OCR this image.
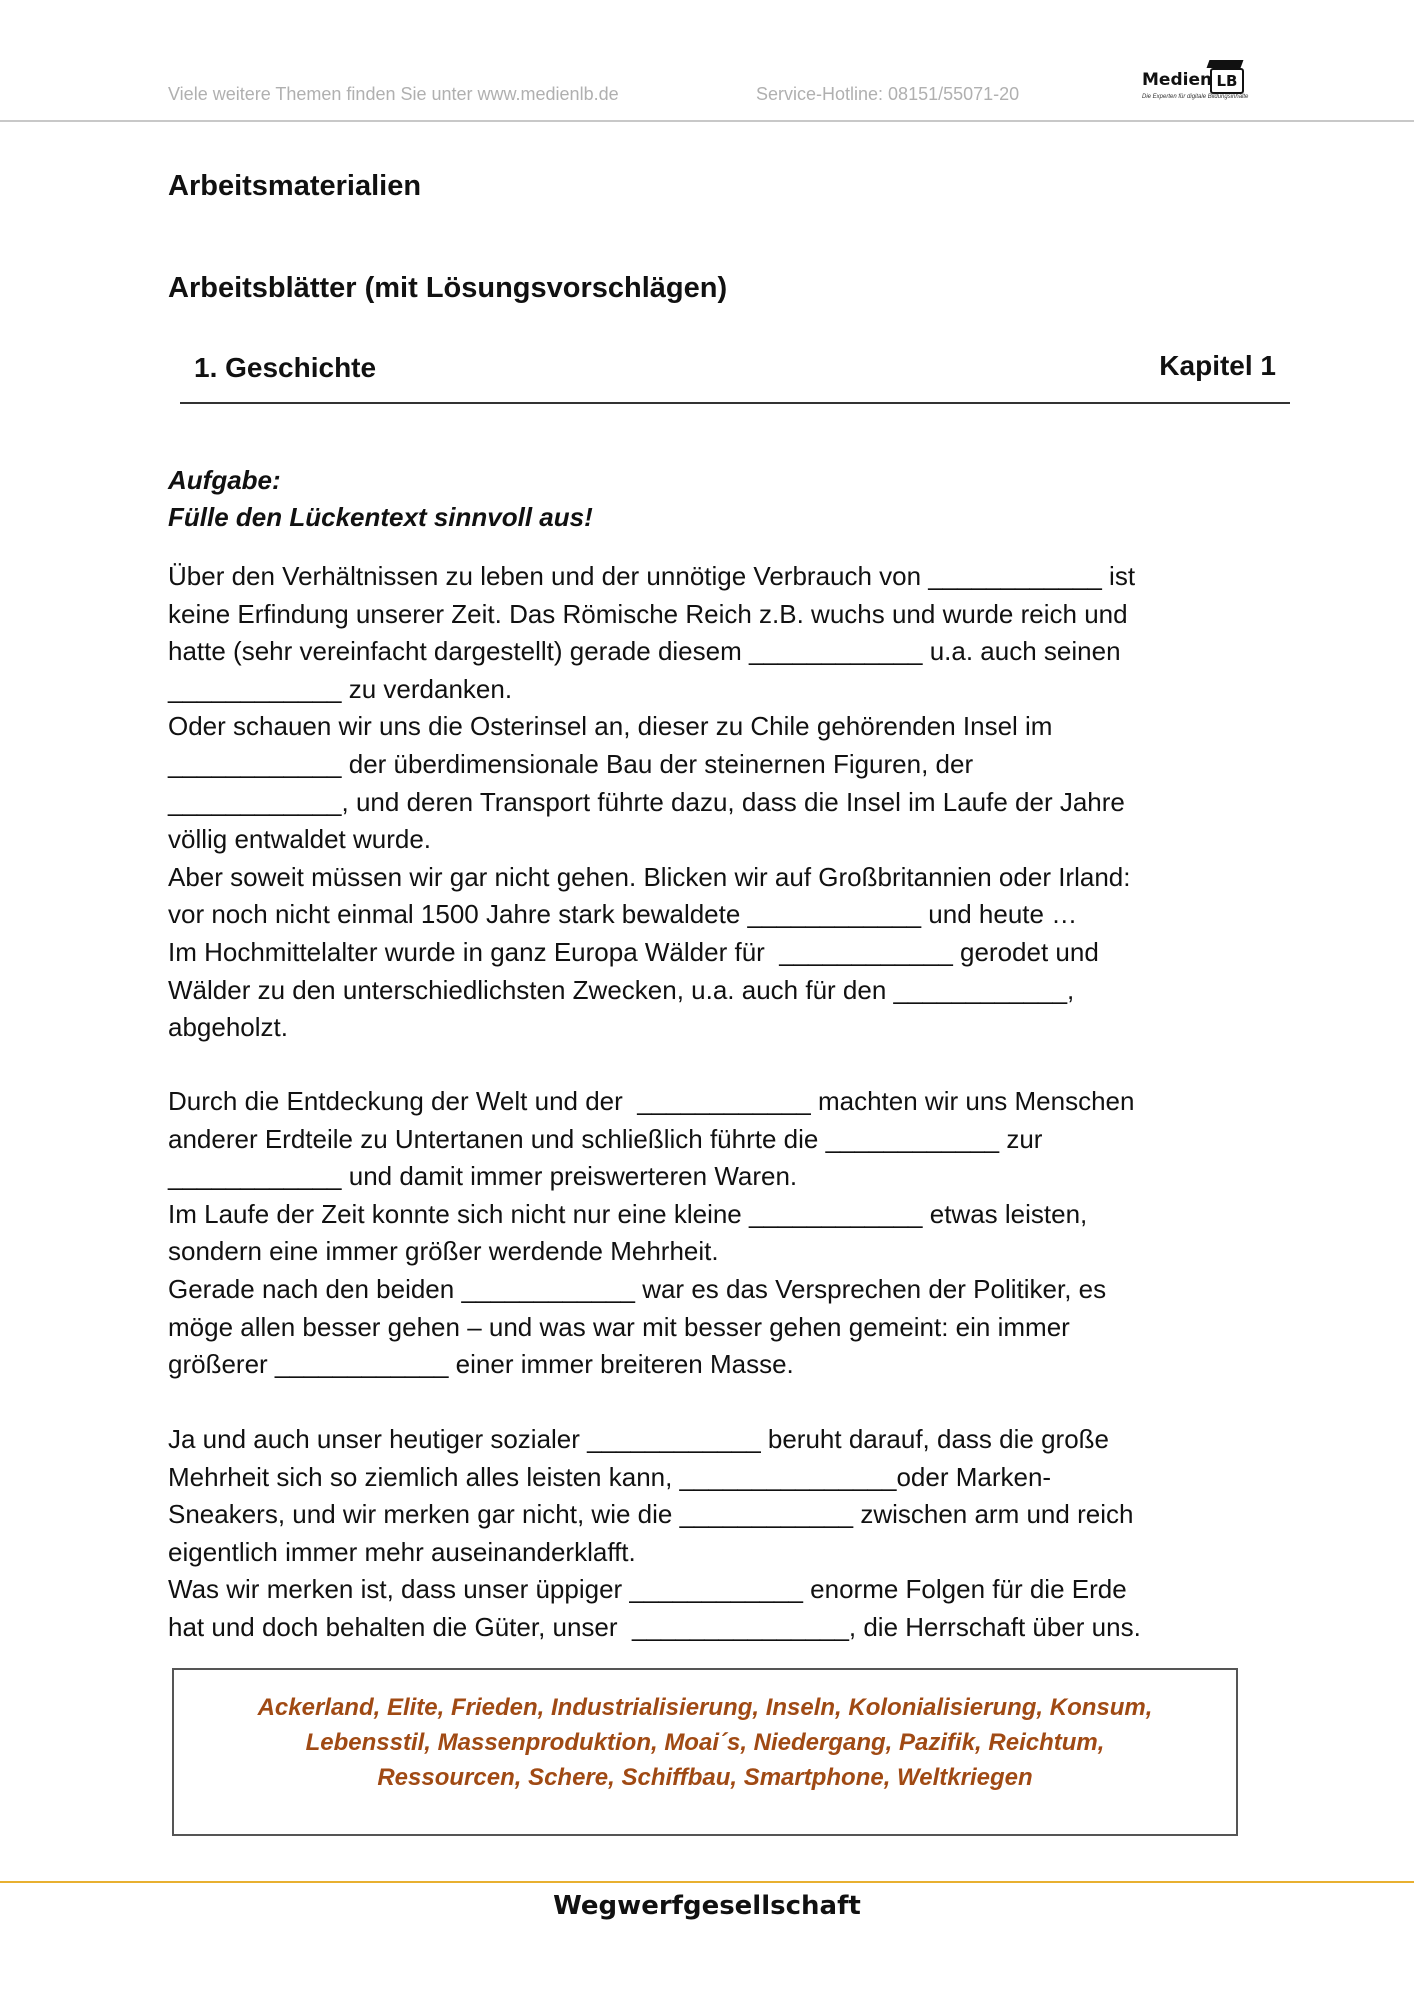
Viele weitere Themen finden Sie unter www.medienlb.de	Service-Hotline: 08151/55071-20
Medien LB
Die Experten für digitale Bildungsinhalte
Arbeitsmaterialien
Arbeitsblätter (mit Lösungsvorschlägen)
1. Geschichte	Kapitel 1
Aufgabe:
Fülle den Lückentext sinnvoll aus!
Über den Verhältnissen zu leben und der unnötige Verbrauch von ____________ ist
keine Erfindung unserer Zeit. Das Römische Reich z.B. wuchs und wurde reich und
hatte (sehr vereinfacht dargestellt) gerade diesem ____________ u.a. auch seinen
____________ zu verdanken.
Oder schauen wir uns die Osterinsel an, dieser zu Chile gehörenden Insel im
____________ der überdimensionale Bau der steinernen Figuren, der
____________, und deren Transport führte dazu, dass die Insel im Laufe der Jahre
völlig entwaldet wurde.
Aber soweit müssen wir gar nicht gehen. Blicken wir auf Großbritannien oder Irland:
vor noch nicht einmal 1500 Jahre stark bewaldete ____________ und heute …
Im Hochmittelalter wurde in ganz Europa Wälder für  ____________ gerodet und
Wälder zu den unterschiedlichsten Zwecken, u.a. auch für den ____________,
abgeholzt.
Durch die Entdeckung der Welt und der  ____________ machten wir uns Menschen
anderer Erdteile zu Untertanen und schließlich führte die ____________ zur
____________ und damit immer preiswerteren Waren.
Im Laufe der Zeit konnte sich nicht nur eine kleine ____________ etwas leisten,
sondern eine immer größer werdende Mehrheit.
Gerade nach den beiden ____________ war es das Versprechen der Politiker, es
möge allen besser gehen – und was war mit besser gehen gemeint: ein immer
größerer ____________ einer immer breiteren Masse.
Ja und auch unser heutiger sozialer ____________ beruht darauf, dass die große
Mehrheit sich so ziemlich alles leisten kann, _______________oder Marken-
Sneakers, und wir merken gar nicht, wie die ____________ zwischen arm und reich
eigentlich immer mehr auseinanderklafft.
Was wir merken ist, dass unser üppiger ____________ enorme Folgen für die Erde
hat und doch behalten die Güter, unser  _______________, die Herrschaft über uns.
Ackerland, Elite, Frieden, Industrialisierung, Inseln, Kolonialisierung, Konsum,
Lebensstil, Massenproduktion, Moai´s, Niedergang, Pazifik, Reichtum,
Ressourcen, Schere, Schiffbau, Smartphone, Weltkriegen
Wegwerfgesellschaft
